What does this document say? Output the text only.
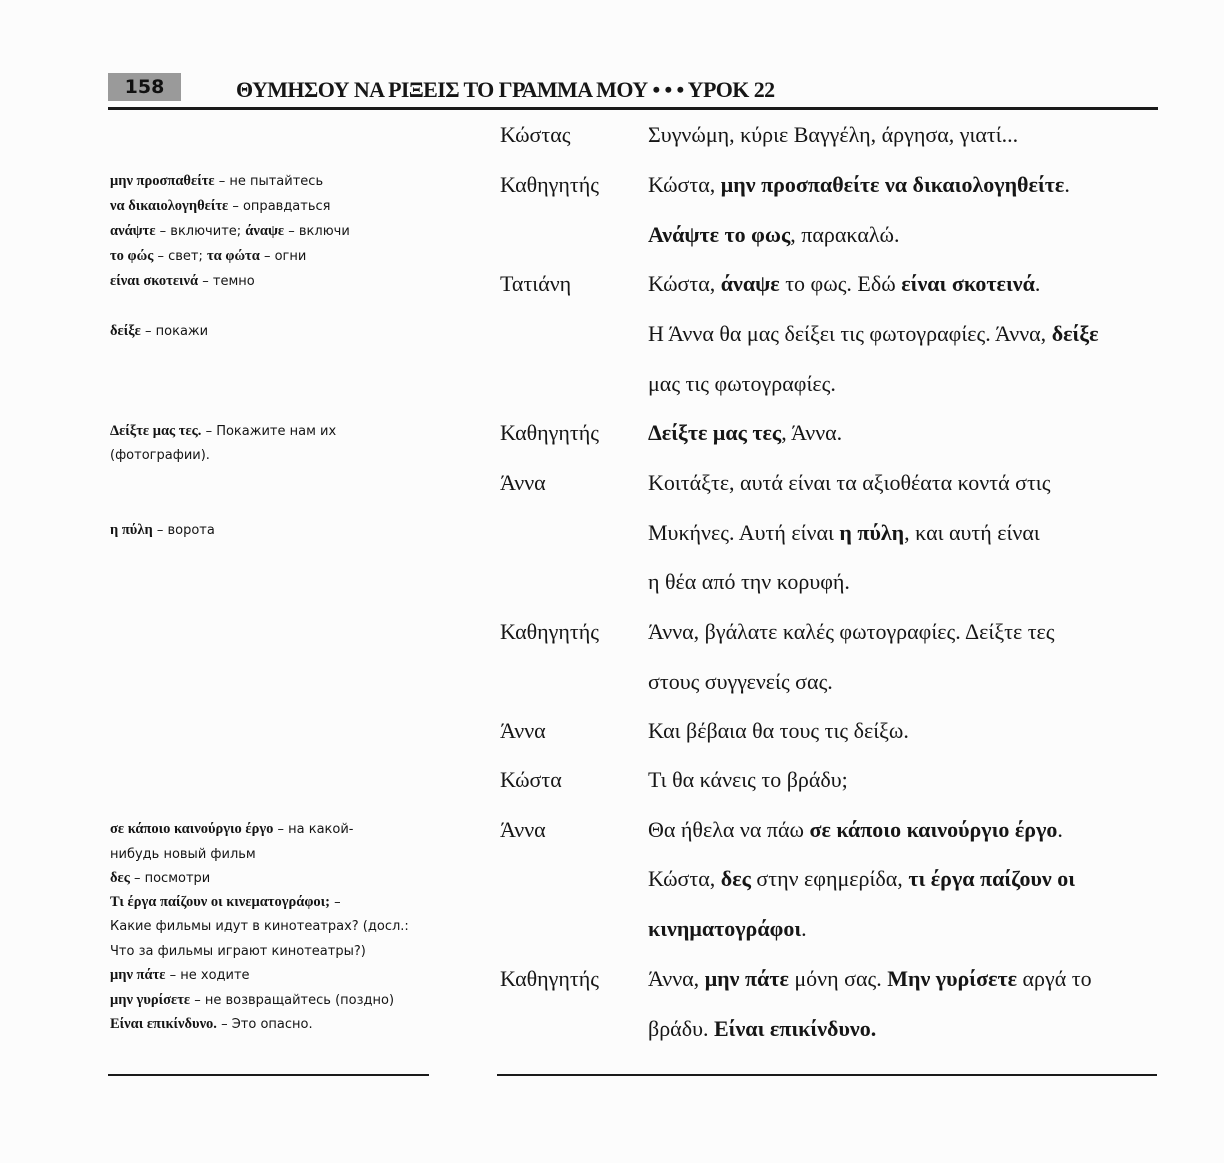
158	ΘΥΜΗΣΟΥ ΝΑ ΡΙΞΕΙΣ ΤΟ ΓΡΑΜΜΑ ΜΟΥ • • • ΥΡΟΚ 22
μην προσπαθείτε – не пытайтесь
να δικαιολογηθείτε – оправдаться
ανάψτε – включите; άναψε – включи
το φώς – свет; τα φώτα – огни
είναι σκοτεινά – темно
δείξε – покажи
Δείξτε μας τες. – Покажите нам их
(фотографии).
η πύλη – ворота
σε κάποιο καινούργιο έργο – на какой-
нибудь новый фильм
δες – посмотри
Τι έργα παίζουν οι κινεματογράφοι; –
Какие фильмы идут в кинотеатрах? (досл.:
Что за фильмы играют кинотеатры?)
μην πάτε – не ходите
μην γυρίσετε – не возвращайтесь (поздно)
Είναι επικίνδυνο. – Это опасно.
Κώστας	Συγνώμη, κύριε Βαγγέλη, άργησα, γιατί...
Καθηγητής Κώστα, μην προσπαθείτε να δικαιολογηθείτε.
Ανάψτε το φως, παρακαλώ.
Τατιάνη	Κώστα, άναψε το φως. Εδώ είναι σκοτεινά.
Η Άννα θα μας δείξει τις φωτογραφίες. Άννα, δείξε
μας τις φωτογραφίες.
Καθηγητής Δείξτε μας τες, Άννα.
Άννα	Κοιτάξτε, αυτά είναι τα αξιοθέατα κοντά στις
Μυκήνες. Αυτή είναι η πύλη, και αυτή είναι
η θέα από την κορυφή.
Καθηγητής Άννα, βγάλατε καλές φωτογραφίες. Δείξτε τες
στους συγγενείς σας.
Άννα	Και βέβαια θα τους τις δείξω.
Κώστα	Τι θα κάνεις το βράδυ;
Άννα	Θα ήθελα να πάω σε κάποιο καινούργιο έργο.
Κώστα, δες στην εφημερίδα, τι έργα παίζουν οι
κινηματογράφοι.
Καθηγητής Άννα, μην πάτε μόνη σας. Μην γυρίσετε αργά το
βράδυ. Είναι επικίνδυνο.
